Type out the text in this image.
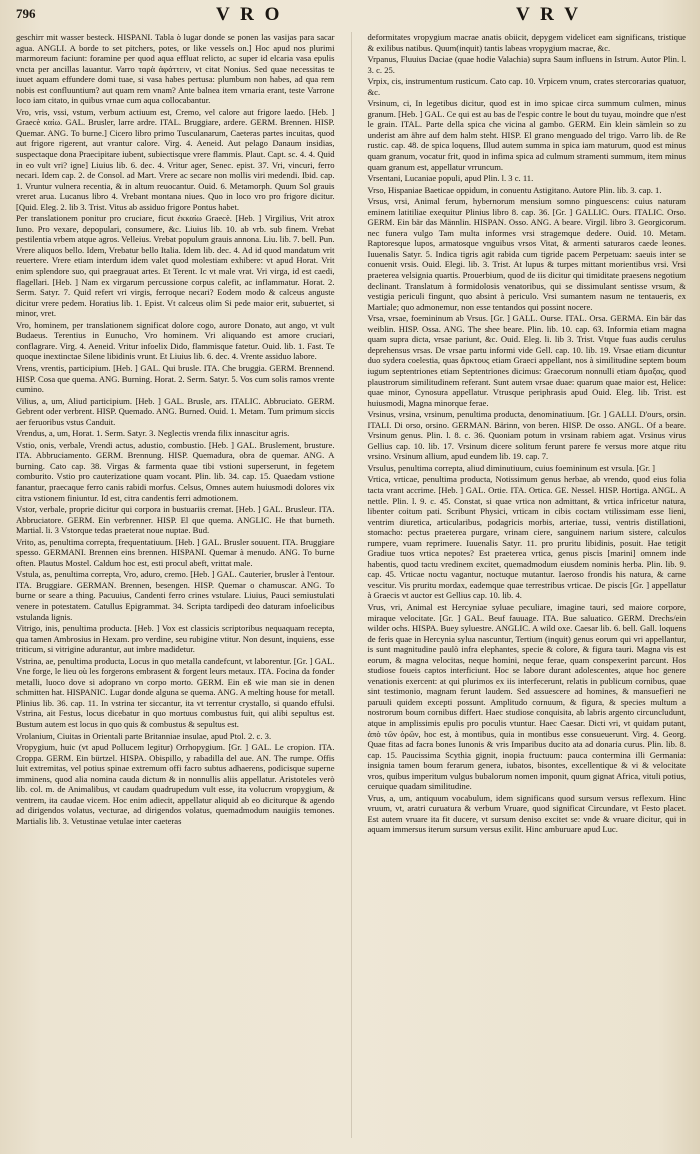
796	V R O	V R V

geschirr mit wasser besteck. HISPANI. Tabla ò lugar donde se ponen las vasijas para sacar agua. ANGLI. A borde to set pitchers, potes, or like vessels on.] Hoc apud nos plurimi marmoreum faciunt: foramine per quod aqua effluat relicto, ac super id elcaria vasa epulis vncta per ancillas lauantur. Varro ταρὰ ἀφάττειν, vt citat Nonius. Sed quae necessitas te iuuet aquam effundere domi tuae, si vasa habes pertusa: plumbum non habes, ad qua rem nobis est confluuntium? aut quam rem vnam? Ante balnea item vrnaria erant, teste Varrone loco iam citato, in quibus vrnae cum aqua collocabantur.

Vro, vris, vssi, vstum, verbum actiuum est, Cremo, vel calore aut frigore laedo. [Heb. ] Graecè καίω. GAL. Brusler, larre ardre. ITAL. Bruggiare, ardere. GERM. Brennen. HISP. Quemar. ANG. To burne.] Cicero libro primo Tusculanarum, Caeteras partes incuitas, quod aut frigore rigerent, aut vrantur calore. Virg. 4. Aeneid. Aut pelago Danaum insidias, suspectaque dona Praecipitare iubent, subiectisque vrere flammis. Plaut. Capt. sc. 4. 4. Quid in eo vult vri? igne] Liuius lib. 6. dec. 4. Vritur ager, Senec. epist. 37. Vri, vincuri, ferro necari. Idem cap. 2. de Consol. ad Mart. Vrere ac secare non mollis viri medendi. Ibid. cap. 1. Vruntur vulnera recentia, & in altum reuocantur. Ouid. 6. Metamorph. Quum Sol grauis vreret arua. Lucanus libro 4. Vrebant montana niues. Quo in loco vro pro frigore dicitur. [Quid. Eleg. 2. lib 3. Trist. Vitus ab assiduo frigore Pontus habet.

Per translationem ponitur pro cruciare, ficut ἐκκαίω Graecè. [Heb. ] Virgilius, Vrit atrox Iuno. Pro vexare, depopulari, consumere, &c. Liuius lib. 10. ab vrb. sub finem. Vrebat pestilentia vrbem atque agros. Velleius. Vrebat populum grauis annona. Liu. lib. 7. bell. Pun. Vrere aliquos bello. Idem, Vrebatur bello Italia. Idem lib. dec. 4. Ad id quod mandatum vrit reuertere. Vrere etiam interdum idem valet quod molestiam exhibere: vt apud Horat. Vrit enim splendore suo, qui praegrauat artes. Et Terent. Ic vt male vrat. Vri virga, id est caedi, flagellari. [Heb. ] Nam ex virgarum percussione corpus calefit, ac inflammatur. Horat. 2. Serm. Satyr. 7. Quid refert vri virgis, ferroque necari? Eodem modo & calceus anguste dicitur vrere pedem. Horatius lib. 1. Epist. Vt calceus olim Si pede maior erit, subuertet, si minor, vret.

Vro, hominem, per translationem significat dolore cogo, aurore Donato, aut ango, vt vult Budaeus. Terentius in Eunucho, Vro hominem. Vri aliquando est amore cruciari, conflagrare. Virg. 4. Aeneid. Vritur infoelix Dido, flammisque fatetur. Ouid. lib. 1. Fast. Te quoque inextinctae Silene libidinis vrunt. Et Liuius lib. 6. dec. 4. Vrente assiduo labore.

Vrens, vrentis, participium. [Heb. ] GAL. Qui brusle. ITA. Che bruggia. GERM. Brennend. HISP. Cosa que quema. ANG. Burning. Horat. 2. Serm. Satyr. 5. Vos cum solis ramos vrente cumino.

Vilius, a, um, Aliud participium. [Heb. ] GAL. Brusle, ars. ITALIC. Abbruciato. GERM. Gebrent oder verbrent. HISP. Quemado. ANG. Burned. Ouid. 1. Metam. Tum primum siccis aer feruoribus vstus Canduit.

Vrendus, a, um, Horat. 1. Serm. Satyr. 3. Neglectis vrenda filix innascitur agris.

Vstio, onis, verbale, Vrendi actus, adustio, combustio. [Heb. ] GAL. Bruslement, brusture. ITA. Abbruciamento. GERM. Brennung. HISP. Quemadura, obra de quemar. ANG. A burning. Cato cap. 38. Virgas & farmenta quae tibi vstioni superserunt, in fegetem comburito. Vstio pro cauterizatione quam vocant. Plin. lib. 34. cap. 15. Quaedam vstione fanantur, praecaque ferro canis rabidi morfus. Celsus, Omnes autem huiusmodi dolores vix citra vstionem finiuntur. Id est, citra candentis ferri admotionem.

Vstor, verbale, proprie dicitur qui corpora in bustuariis cremat. [Heb. ] GAL. Brusleur. ITA. Abbruciatore. GERM. Ein verbrenner. HISP. El que quema. ANGLIC. He that burneth. Martial. li. 3 Vstorque tedas praeterat noue nuptae. Bud.

Vrito, as, penultima correpta, frequentatiuum. [Heb. ] GAL. Brusler souuent. ITA. Bruggiare spesso. GERMANI. Brennen eins brennen. HISPANI. Quemar à menudo. ANG. To burne often. Plautus Mostel. Caldum hoc est, esti procul abeft, vrittat male.

Vstula, as, penultima correpta, Vro, aduro, cremo. [Heb. ] GAL. Cauterier, brusler à l'entour. ITA. Bruggiare. GERMAN. Brennen, besengen. HISP. Quemar o chamuscar. ANG. To burne or seare a thing. Pacuuius, Candenti ferro crines vstulare. Liuius, Pauci semiustulati venere in potestatem. Catullus Epigrammat. 34. Scripta tardipedi deo daturam infoelicibus vstulanda lignis.

Vitrigo, inis, penultima producta. [Heb. ] Vox est classicis scriptoribus nequaquam recepta, qua tamen Ambrosius in Hexam. pro verdine, seu rubigine vtitur. Non desunt, inquiens, esse triticum, si vitrigine adurantur, aut imbre madidetur.

Vstrina, ae, penultima producta, Locus in quo metalla candefcunt, vt laborentur. [Gr. ] GAL. Vne forge, le lieu où les forgerons embrasent & forgent leurs metaux. ITA. Focina da fonder metalli, luoco dove si adoprano vn corpo morto. GERM. Ein eß wie man sie in denen schmitten hat. HISPANIC. Lugar donde alguna se quema. ANG. A melting house for metall. Plinius lib. 36. cap. 11. In vstrina ter siccantur, ita vt terrentur crystallo, si quando effulsi. Vstrina, ait Festus, locus dicebatur in quo mortuus combustus fuit, qui alibi sepultus est. Bustum autem est locus in quo quis & combustus & sepultus est.

Vrolanium, Ciuitas in Orientali parte Britanniae insulae, apud Ptol. 2. c. 3.

Vropygium, huic (vt apud Pollucem legitur) Orrhopygium. [Gr. ] GAL. Le cropion. ITA. Croppa. GERM. Ein bürtzel. HISPA. Obispillo, y rabadilla del aue. AN. The rumpe. Offis luit extremitas, vel potius spinae extremum offi facro subtus adhaerens, podicisque superne imminens, quod alia nomina cauda dictum & in nonnullis aliis appellatur. Aristoteles verò lib. col. m. de Animalibus, vt caudam quadrupedum vult esse, ita volucrum vropygium, & ventrem, ita caudae vicem. Hoc enim adiecit, appellatur aliquid ab eo diciturque & agendo ad dirigendos volatus, vecturae, ad dirigendos volatus, quemadmodum nauigiis temones. Martialis lib. 3. Vetustinae vetulae inter caeteras

deformitates vropygium macrae anatis obiicit, depygem videlicet eam significans, tristique & exilibus natibus. Quum(inquit) tantis labeas vropygium macrae, &c.

Vrpanus, Fluuius Daciae (quae hodie Valachia) supra Saum influens in Istrum. Autor Plin. l. 3. c. 25.

Vrpix, cis, instrumentum rusticum. Cato cap. 10. Vrpicem vnum, crates stercorarias quatuor, &c.

Vrsinum, ci, In legetibus dicitur, quod est in imo spicae circa summum culmen, minus granum. [Heb. ] GAL. Ce qui est au bas de l'espic contre le bout du tuyau, moindre que n'est le grain. ITAL. Parte della spica che vicina al gambo. GERM. Ein klein sämlein so zu underist am ähre auf dem halm steht. HISP. El grano menguado del trigo. Varro lib. de Re rustic. cap. 48. de spica loquens, Illud autem summa in spica iam maturum, quod est minus quam granum, vocatur frit, quod in infima spica ad culmum stramenti summum, item minus quam granum est, appellatur vrruncum.

Vrsentani, Lucaniae populi, apud Plin. l. 3 c. 11.

Vrso, Hispaniae Baeticae oppidum, in conuentu Astigitano. Autore Plin. lib. 3. cap. 1.

Vrsus, vrsi, Animal ferum, hybernorum mensium somno pinguescens: cuius naturam eminem latitiliae exequitur Plinius libro 8. cap. 36. [Gr. ] GALLIC. Ours. ITALIC. Orso. GERM. Ein bär das Männlin. HISPAN. Osso. ANG. A beare. Virgil. libro 3. Georgicorum. nec funera vulgo Tam multa informes vrsi stragemque dedere. Ouid. 10. Metam. Raptoresque lupos, armatosque vnguibus vrsos Vitat, & armenti saturaros caede leones. Iuuenalis Satyr. 5. Indica tigris agit rabida cum tigride pacem Perpetuam: saeuis inter se conuenit vrsis. Ouid. Elegi. lib. 3. Trist. At lupus & turpes mittant morientibus vrsi. Vrsi praeterea velsignia quartis. Prouerbium, quod de iis dicitur qui timiditate praesens negotium declinant. Translatum à formidolosis venatoribus, qui se dissimulant sentisse vrsum, & vestigia periculi fingunt, quo absint à periculo. Vrsi sumantem nasum ne tentaueris, ex Martiale; quo admonemur, non esse tentandos qui possint nocere.

Vrsa, vrsae, foemininum ab Vrsus. [Gr. ] GALL. Ourse. ITAL. Orsa. GERMA. Ein bär das weiblin. HISP. Ossa. ANG. The shee beare. Plin. lib. 10. cap. 63. Informia etiam magna quam supra dicta, vrsae pariunt, &c. Ouid. Eleg. li. lib 3. Trist. Vtque fuas audis cerulus deprehensus vrsas. De vrsae partu informi vide Gell. cap. 10. lib. 19. Vrsae etiam dicuntur duo sydera coelestia, quas ἄρκτους etiam Graeci appellant, nos à similitudine septem boum iugum septentriones etiam Septentriones dicimus: Graecorum nonnulli etiam ἅμαξας, quod plaustrorum similitudinem referant. Sunt autem vrsae duae: quarum quae maior est, Helice: quae minor, Cynosura appellatur. Vtrusque periphrasis apud Ouid. Eleg. lib. Trist. est huiusmodi, Magna minorque ferae.

Vrsinus, vrsina, vrsinum, penultima producta, denominatiuum. [Gr. ] GALLI. D'ours, orsin. ITALI. Di orso, orsino. GERMAN. Bärinn, von beren. HISP. De osso. ANGL. Of a beare. Vrsinum genus. Plin. l. 8. c. 36. Quoniam potum in vrsinam rabiem agat. Vrsinus virus Gellius cap. 10. lib. 17. Vrsinum dicere solitum ferunt parere fe versus more atque ritu vrsino. Vrsinum allium, apud eundem lib. 19. cap. 7.

Vrsulus, penultima correpta, aliud diminutiuum, cuius foemininum est vrsula. [Gr. ]

Vrtica, vrticae, penultima producta, Notissimum genus herbae, ab vrendo, quod eius folia tacta vrant accrime. [Heb. ] GAL. Ortie. ITA. Ortica. GE. Nessel. HISP. Hortiga. ANGL. A nettle. Plin. l. 9. c. 45. Constat, si quae vrtica non admittant, & vrtica infricetur natura, libenter coitum pati. Scribunt Physici, vrticam in cibis coctam vtilissimam esse lieni, ventrim diuretica, articularibus, podagricis morbis, arteriae, tussi, ventris distillationi, stomacho: pectus praeterea purgare, vrinam ciere, sanguinem narium sistere, calculos rumpere, vuam reprimere. Iuuenalis Satyr. 11. pro pruritu libidinis, posuit. Hae tetigit Gradiue tuos vrtica nepotes? Est praeterea vrtica, genus piscis [marini] omnem inde habentis, quod tactu vredinem excitet, quemadmodum eiusdem nominis herba. Plin. lib. 9. cap. 45. Vrticae noctu vagantur, noctuque mutantur. Iaeroso frondis his natura, & carne vescitur. Vis pruritu mordax, eademque quae terrestribus vrticae. De piscis [Gr. ] appellatur à Graecis vt auctor est Gellius cap. 10. lib. 4.

Vrus, vri, Animal est Hercyniae syluae peculiare, imagine tauri, sed maiore corpore, miraque velocitate. [Gr. ] GAL. Beuf fauuage. ITA. Bue saluatico. GERM. Drechs/ein wilder ochs. HISPA. Buey syluestre. ANGLIC. A wild oxe. Caesar lib. 6. bell. Gall. loquens de feris quae in Hercynia sylua nascuntur, Tertium (inquit) genus eorum qui vri appellantur, is sunt magnitudine paulò infra elephantes, specie & colore, & figura tauri. Magna vis est eorum, & magna velocitas, neque homini, neque ferae, quam conspexerint parcunt. Hos studiose foueis captos interficiunt. Hoc se labore durant adolescentes, atque hoc genere venationis exercent: at qui plurimos ex iis interfecerunt, relatis in publicum cornibus, quae sint testimonio, magnam ferunt laudem. Sed assuescere ad homines, & mansuefieri ne paruuli quidem excepti possunt. Amplitudo cornuum, & figura, & species multum a nostrorum boum cornibus differt. Haec studiose conquisita, ab labris argento circuncludunt, atque in amplissimis epulis pro poculis vtuntur. Haec Caesar. Dicti vri, vt quidam putant, ἀπὸ τῶν ὀρῶν, hoc est, à montibus, quia in montibus esse consueuerunt. Virg. 4. Georg. Quae fitas ad facra bones Iunonis & vris Imparibus ducito ata ad donaria curus. Plin. lib. 8. cap. 15. Paucissima Scythia gignit, inopia fructuum: pauca contermina illi Germania: insignia tamen boum ferarum genera, iubatos, bisontes, excellentique & vi & velocitate vros, quibus imperitum vulgus bubalorum nomen imponit, quum gignat Africa, vituli potius, ceruique quadam similitudine.

Vrus, a, um, antiquum vocabulum, idem significans quod sursum versus reflexum. Hinc vruum, vt, aratri curuatura & verbum Vruare, quod significat Circundare, vt Festo placet. Est autem vruare ita fit ducere, vt sursum deniso excitet se: vnde & vruare dicitur, qui in aquam immersus iterum sursum versus exilit. Hinc amburuare apud Luc.
